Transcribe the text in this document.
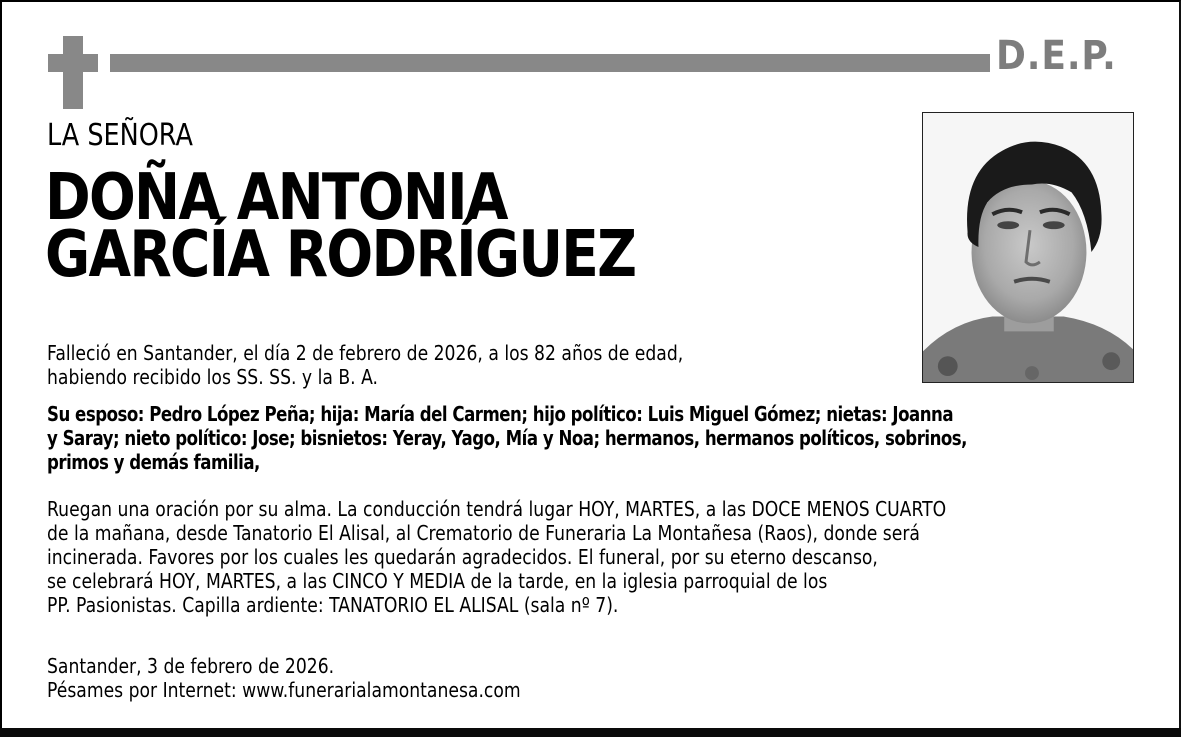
D.E.P.
LA SEÑORA
DOÑA ANTONIA
GARCÍA RODRÍGUEZ
Falleció en Santander, el día 2 de febrero de 2026, a los 82 años de edad,
habiendo recibido los SS. SS. y la B. A.
Su esposo: Pedro López Peña; hija: María del Carmen; hijo político: Luis Miguel Gómez; nietas: Joanna
y Saray; nieto político: Jose; bisnietos: Yeray, Yago, Mía y Noa; hermanos, hermanos políticos, sobrinos,
primos y demás familia,
Ruegan una oración por su alma. La conducción tendrá lugar HOY, MARTES, a las DOCE MENOS CUARTO
de la mañana, desde Tanatorio El Alisal, al Crematorio de Funeraria La Montañesa (Raos), donde será
incinerada. Favores por los cuales les quedarán agradecidos. El funeral, por su eterno descanso,
se celebrará HOY, MARTES, a las CINCO Y MEDIA de la tarde, en la iglesia parroquial de los
PP. Pasionistas. Capilla ardiente: TANATORIO EL ALISAL (sala nº 7).
Santander, 3 de febrero de 2026.
Pésames por Internet: www.funerarialamontanesa.com
